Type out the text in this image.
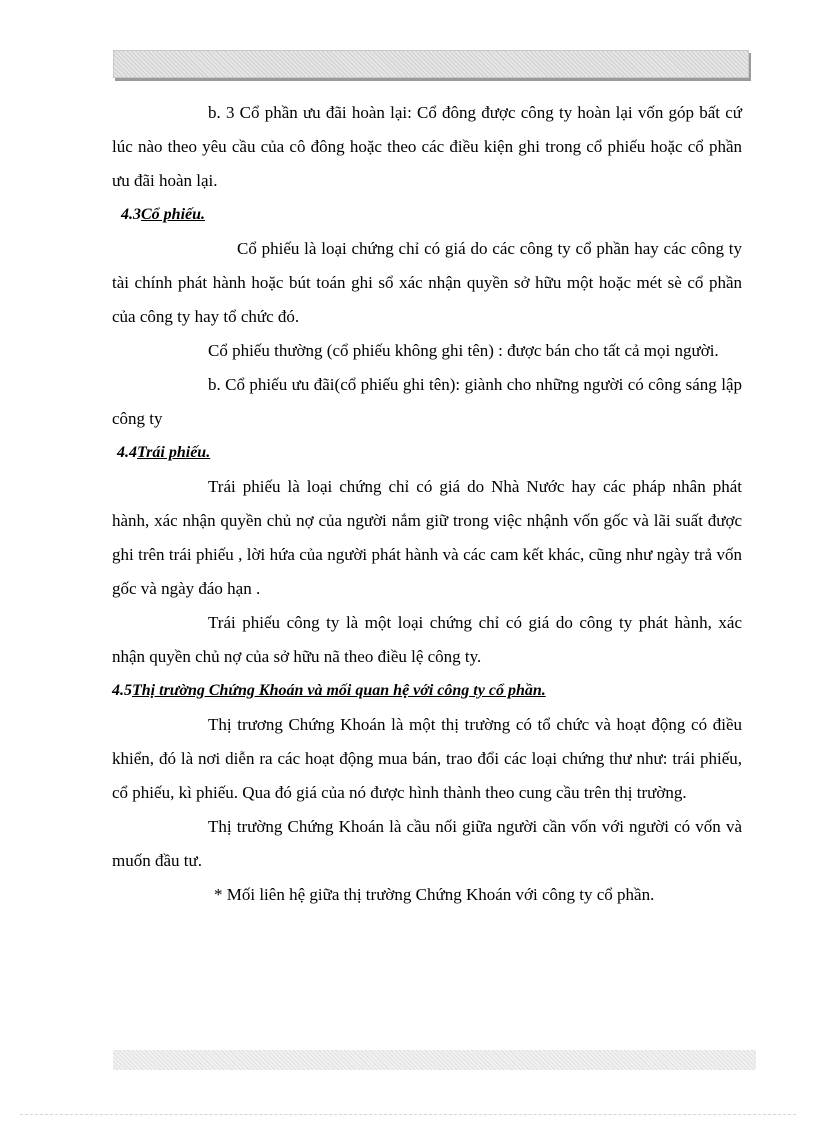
b. 3 Cổ phần ưu đãi hoàn lại: Cổ đông được công ty hoàn lại vốn góp bất cứ lúc nào theo yêu cầu của cô đông hoặc theo các điều kiện ghi trong cổ phiếu hoặc cổ phần ưu đãi hoàn lại.

4.3Cổ phiếu.

Cổ phiếu là loại chứng chỉ có giá do các công ty cổ phần hay các công ty tài chính phát hành hoặc bút toán ghi sổ xác nhận quyền sở hữu một hoặc mét sè cổ phần của công ty hay tổ chức đó.

Cổ phiếu thường (cổ phiếu không ghi tên) : được bán cho tất cả mọi người.

b. Cổ phiếu ưu đãi(cổ phiếu ghi tên): giành cho những người có công sáng lập công ty

4.4Trái phiếu.

Trái phiếu là loại chứng chỉ có giá do Nhà Nước hay các pháp nhân phát hành, xác nhận quyền chủ nợ của người nắm giữ trong việc nhậnh vốn gốc và lãi suất được ghi trên trái phiếu , lời hứa của người phát hành và các cam kết khác, cũng như ngày trả vốn gốc và ngày đáo hạn .

Trái phiếu công ty là một loại chứng chỉ có giá do công ty phát hành, xác nhận quyền chủ nợ của sở hữu nã theo điều lệ công ty.

4.5Thị trường Chứng Khoán và mối quan hệ với công ty cổ phần.

Thị trương Chứng Khoán là một thị trường có tổ chức và hoạt động có điều khiển, đó là nơi diễn ra các hoạt động mua bán, trao đổi các loại chứng thư như: trái phiếu, cổ phiếu, kì phiếu. Qua đó giá của nó được hình thành theo cung cầu trên thị trường.

Thị trường Chứng Khoán là cầu nối giữa người cần vốn với người có vốn và muốn đầu tư.

* Mối liên hệ giữa thị trường Chứng Khoán với công ty cổ phần.
